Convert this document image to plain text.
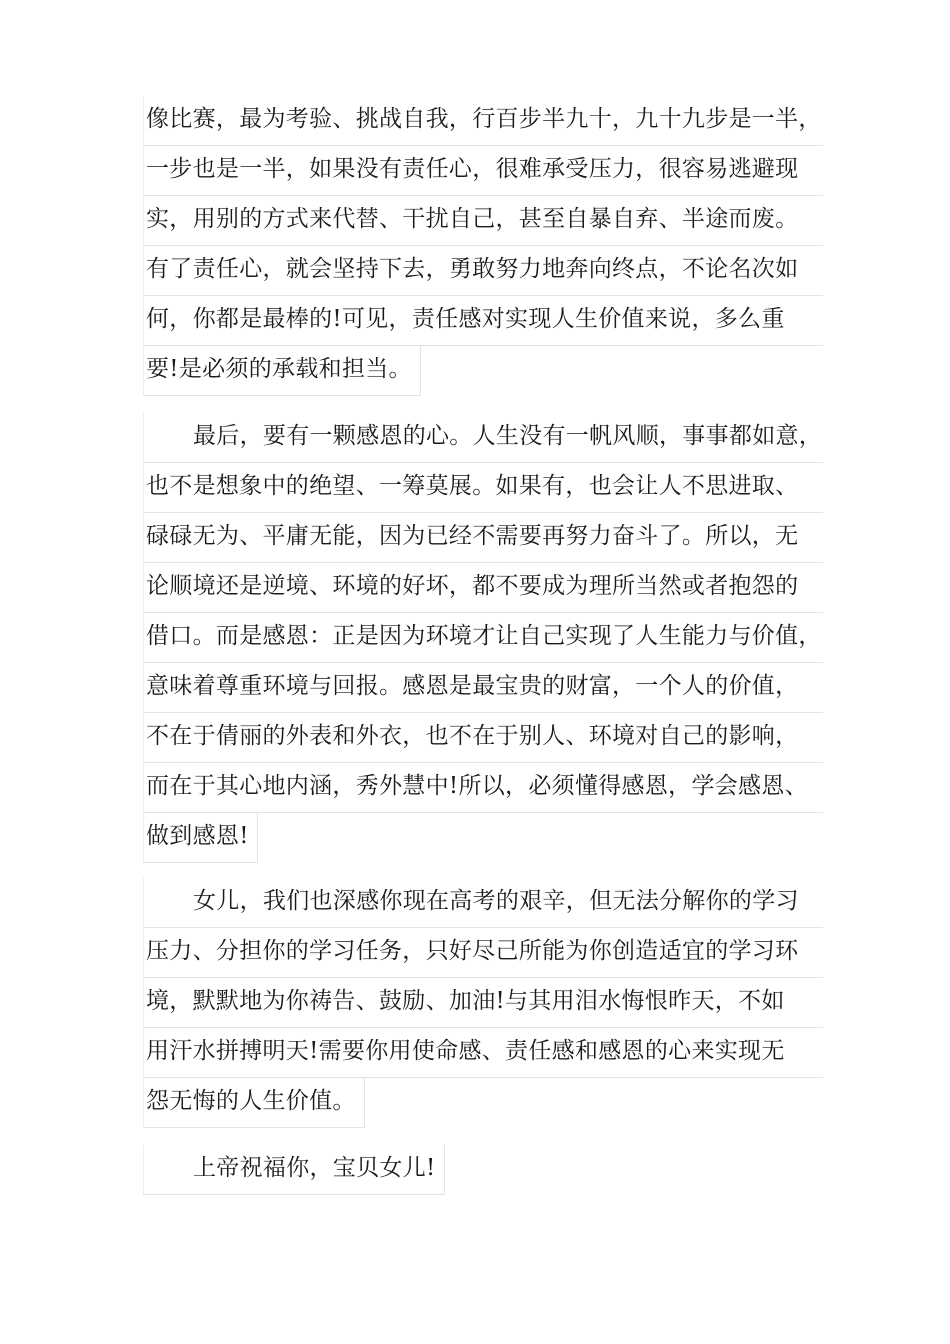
像比赛，最为考验、挑战自我，行百步半九十，九十九步是一半，
一步也是一半，如果没有责任心，很难承受压力，很容易逃避现
实，用别的方式来代替、干扰自己，甚至自暴自弃、半途而废。
有了责任心，就会坚持下去，勇敢努力地奔向终点，不论名次如
何，你都是最棒的!可见，责任感对实现人生价值来说，多么重
要!是必须的承载和担当。
最后，要有一颗感恩的心。人生没有一帆风顺，事事都如意，
也不是想象中的绝望、一筹莫展。如果有，也会让人不思进取、
碌碌无为、平庸无能，因为已经不需要再努力奋斗了。所以，无
论顺境还是逆境、环境的好坏，都不要成为理所当然或者抱怨的
借口。而是感恩：正是因为环境才让自己实现了人生能力与价值，
意味着尊重环境与回报。感恩是最宝贵的财富，一个人的价值，
不在于倩丽的外表和外衣，也不在于别人、环境对自己的影响，
而在于其心地内涵，秀外慧中!所以，必须懂得感恩，学会感恩、
做到感恩!
女儿，我们也深感你现在高考的艰辛，但无法分解你的学习
压力、分担你的学习任务，只好尽己所能为你创造适宜的学习环
境，默默地为你祷告、鼓励、加油!与其用泪水悔恨昨天，不如
用汗水拼搏明天!需要你用使命感、责任感和感恩的心来实现无
怨无悔的人生价值。
上帝祝福你，宝贝女儿!
